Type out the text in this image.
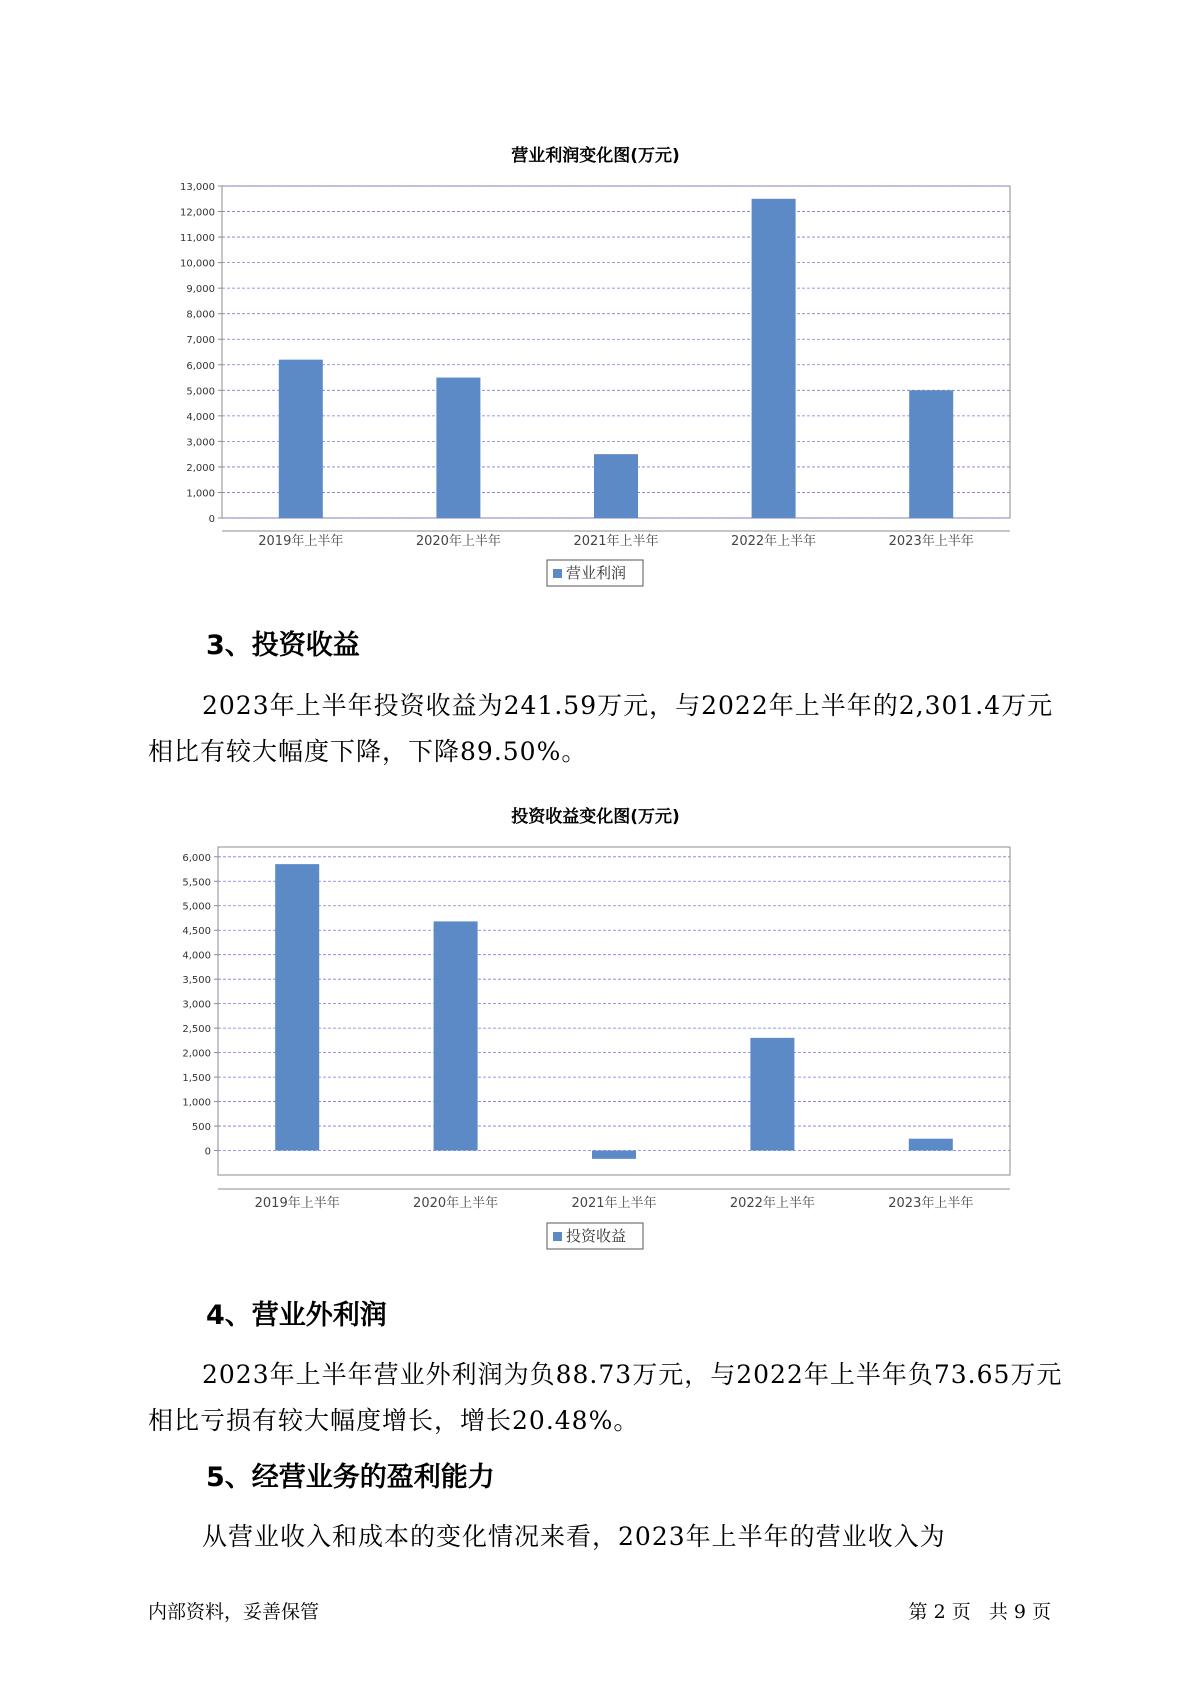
营业利润变化图(万元)
0
1,000
2,000
3,000
4,000
5,000
6,000
7,000
8,000
9,000
10,000
11,000
12,000
13,000
2019年上半年	2020年上半年	2021年上半年	2022年上半年	2023年上半年
营业利润
3、投资收益
2023年上半年投资收益为241.59万元，与2022年上半年的2,301.4万元相比有较大幅度下降，下降89.50%。
投资收益变化图(万元)
0
500
1,000
1,500
2,000
2,500
3,000
3,500
4,000
4,500
5,000
5,500
6,000
2019年上半年	2020年上半年	2021年上半年	2022年上半年	2023年上半年
投资收益
4、营业外利润
2023年上半年营业外利润为负88.73万元，与2022年上半年负73.65万元相比亏损有较大幅度增长，增长20.48%。
5、经营业务的盈利能力
从营业收入和成本的变化情况来看，2023年上半年的营业收入为
内部资料，妥善保管	第 2 页   共 9 页
